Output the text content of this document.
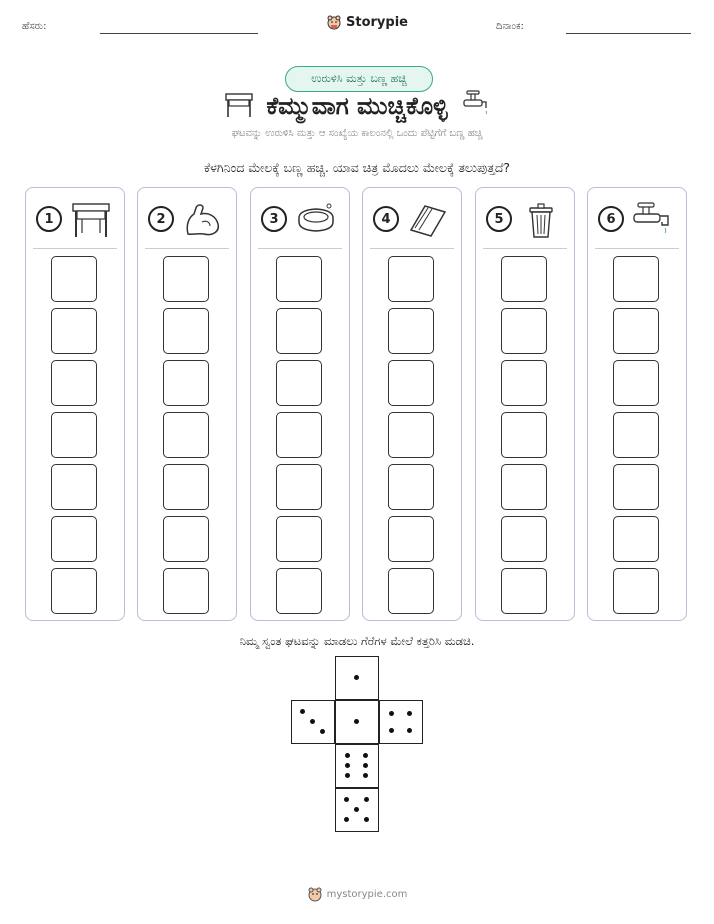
ಹೆಸರು:	Storypie	ದಿನಾಂಕ:
ಉರುಳಿಸಿ ಮತ್ತು ಬಣ್ಣ ಹಚ್ಚಿ
ಕೆಮ್ಮುವಾಗ ಮುಚ್ಚಿಕೊಳ್ಳಿ
ಘಟವನ್ನು ಉರುಳಿಸಿ ಮತ್ತು ಆ ಸಂಖ್ಯೆಯ ಕಾಲಂನಲ್ಲಿ ಒಂದು ಪೆಟ್ಟಿಗೆಗೆ ಬಣ್ಣ ಹಚ್ಚಿ
ಕೆಳಗಿನಿಂದ ಮೇಲಕ್ಕೆ ಬಣ್ಣ ಹಚ್ಚಿ. ಯಾವ ಚಿತ್ರ ಮೊದಲು ಮೇಲಕ್ಕೆ ತಲುಪುತ್ತದೆ?
1	2	3	4	5	6
ನಿಮ್ಮ ಸ್ವಂತ ಘಟವನ್ನು ಮಾಡಲು ಗೆರೆಗಳ ಮೇಲೆ ಕತ್ತರಿಸಿ ಮಡಚಿ.
mystorypie.com
